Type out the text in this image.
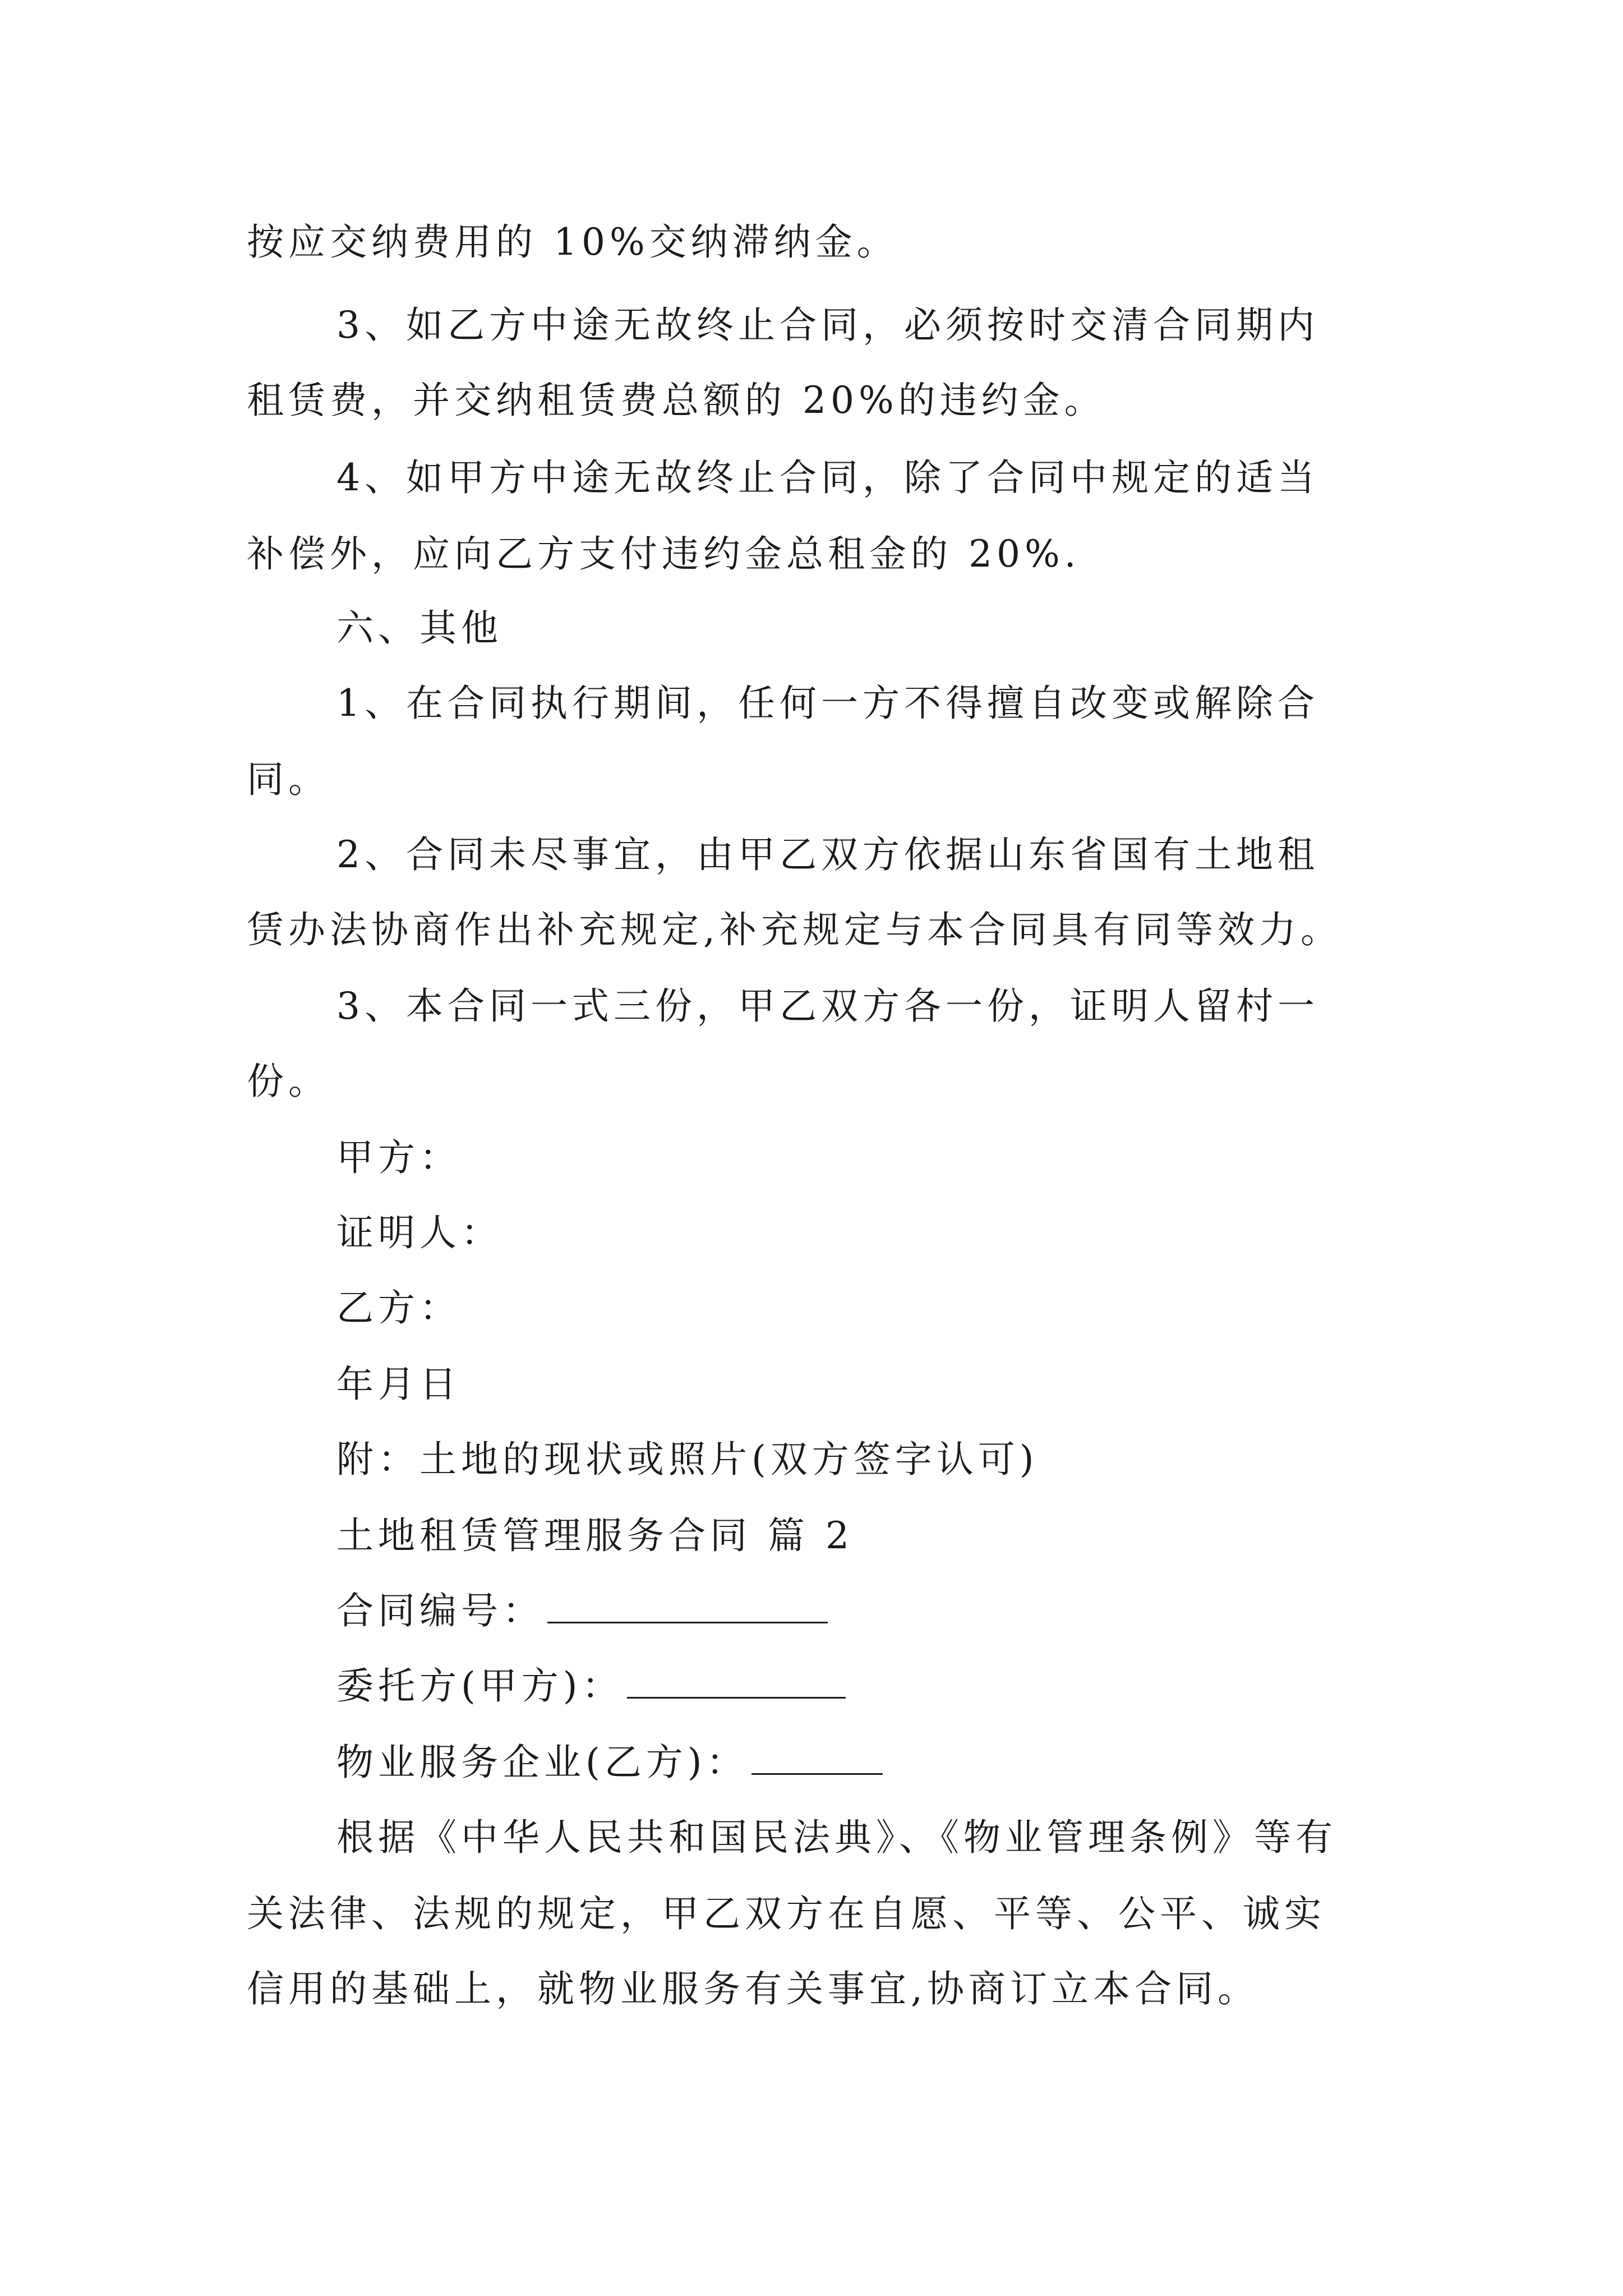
按应交纳费用的 10%交纳滞纳金。
3、如乙方中途无故终止合同，必须按时交清合同期内
租赁费，并交纳租赁费总额的 20%的违约金。
4、如甲方中途无故终止合同，除了合同中规定的适当
补偿外，应向乙方支付违约金总租金的 20%.
六、其他
1、在合同执行期间，任何一方不得擅自改变或解除合
同。
2、合同未尽事宜，由甲乙双方依据山东省国有土地租
赁办法协商作出补充规定,补充规定与本合同具有同等效力。
3、本合同一式三份，甲乙双方各一份，证明人留村一
份。
甲方：
证明人：
乙方：
年月日
附：土地的现状或照片(双方签字认可)
土地租赁管理服务合同 篇 2
合同编号：
委托方(甲方)：
物业服务企业(乙方)：
根据《中华人民共和国民法典》、《物业管理条例》等有
关法律、法规的规定，甲乙双方在自愿、平等、公平、诚实
信用的基础上，就物业服务有关事宜,协商订立本合同。
